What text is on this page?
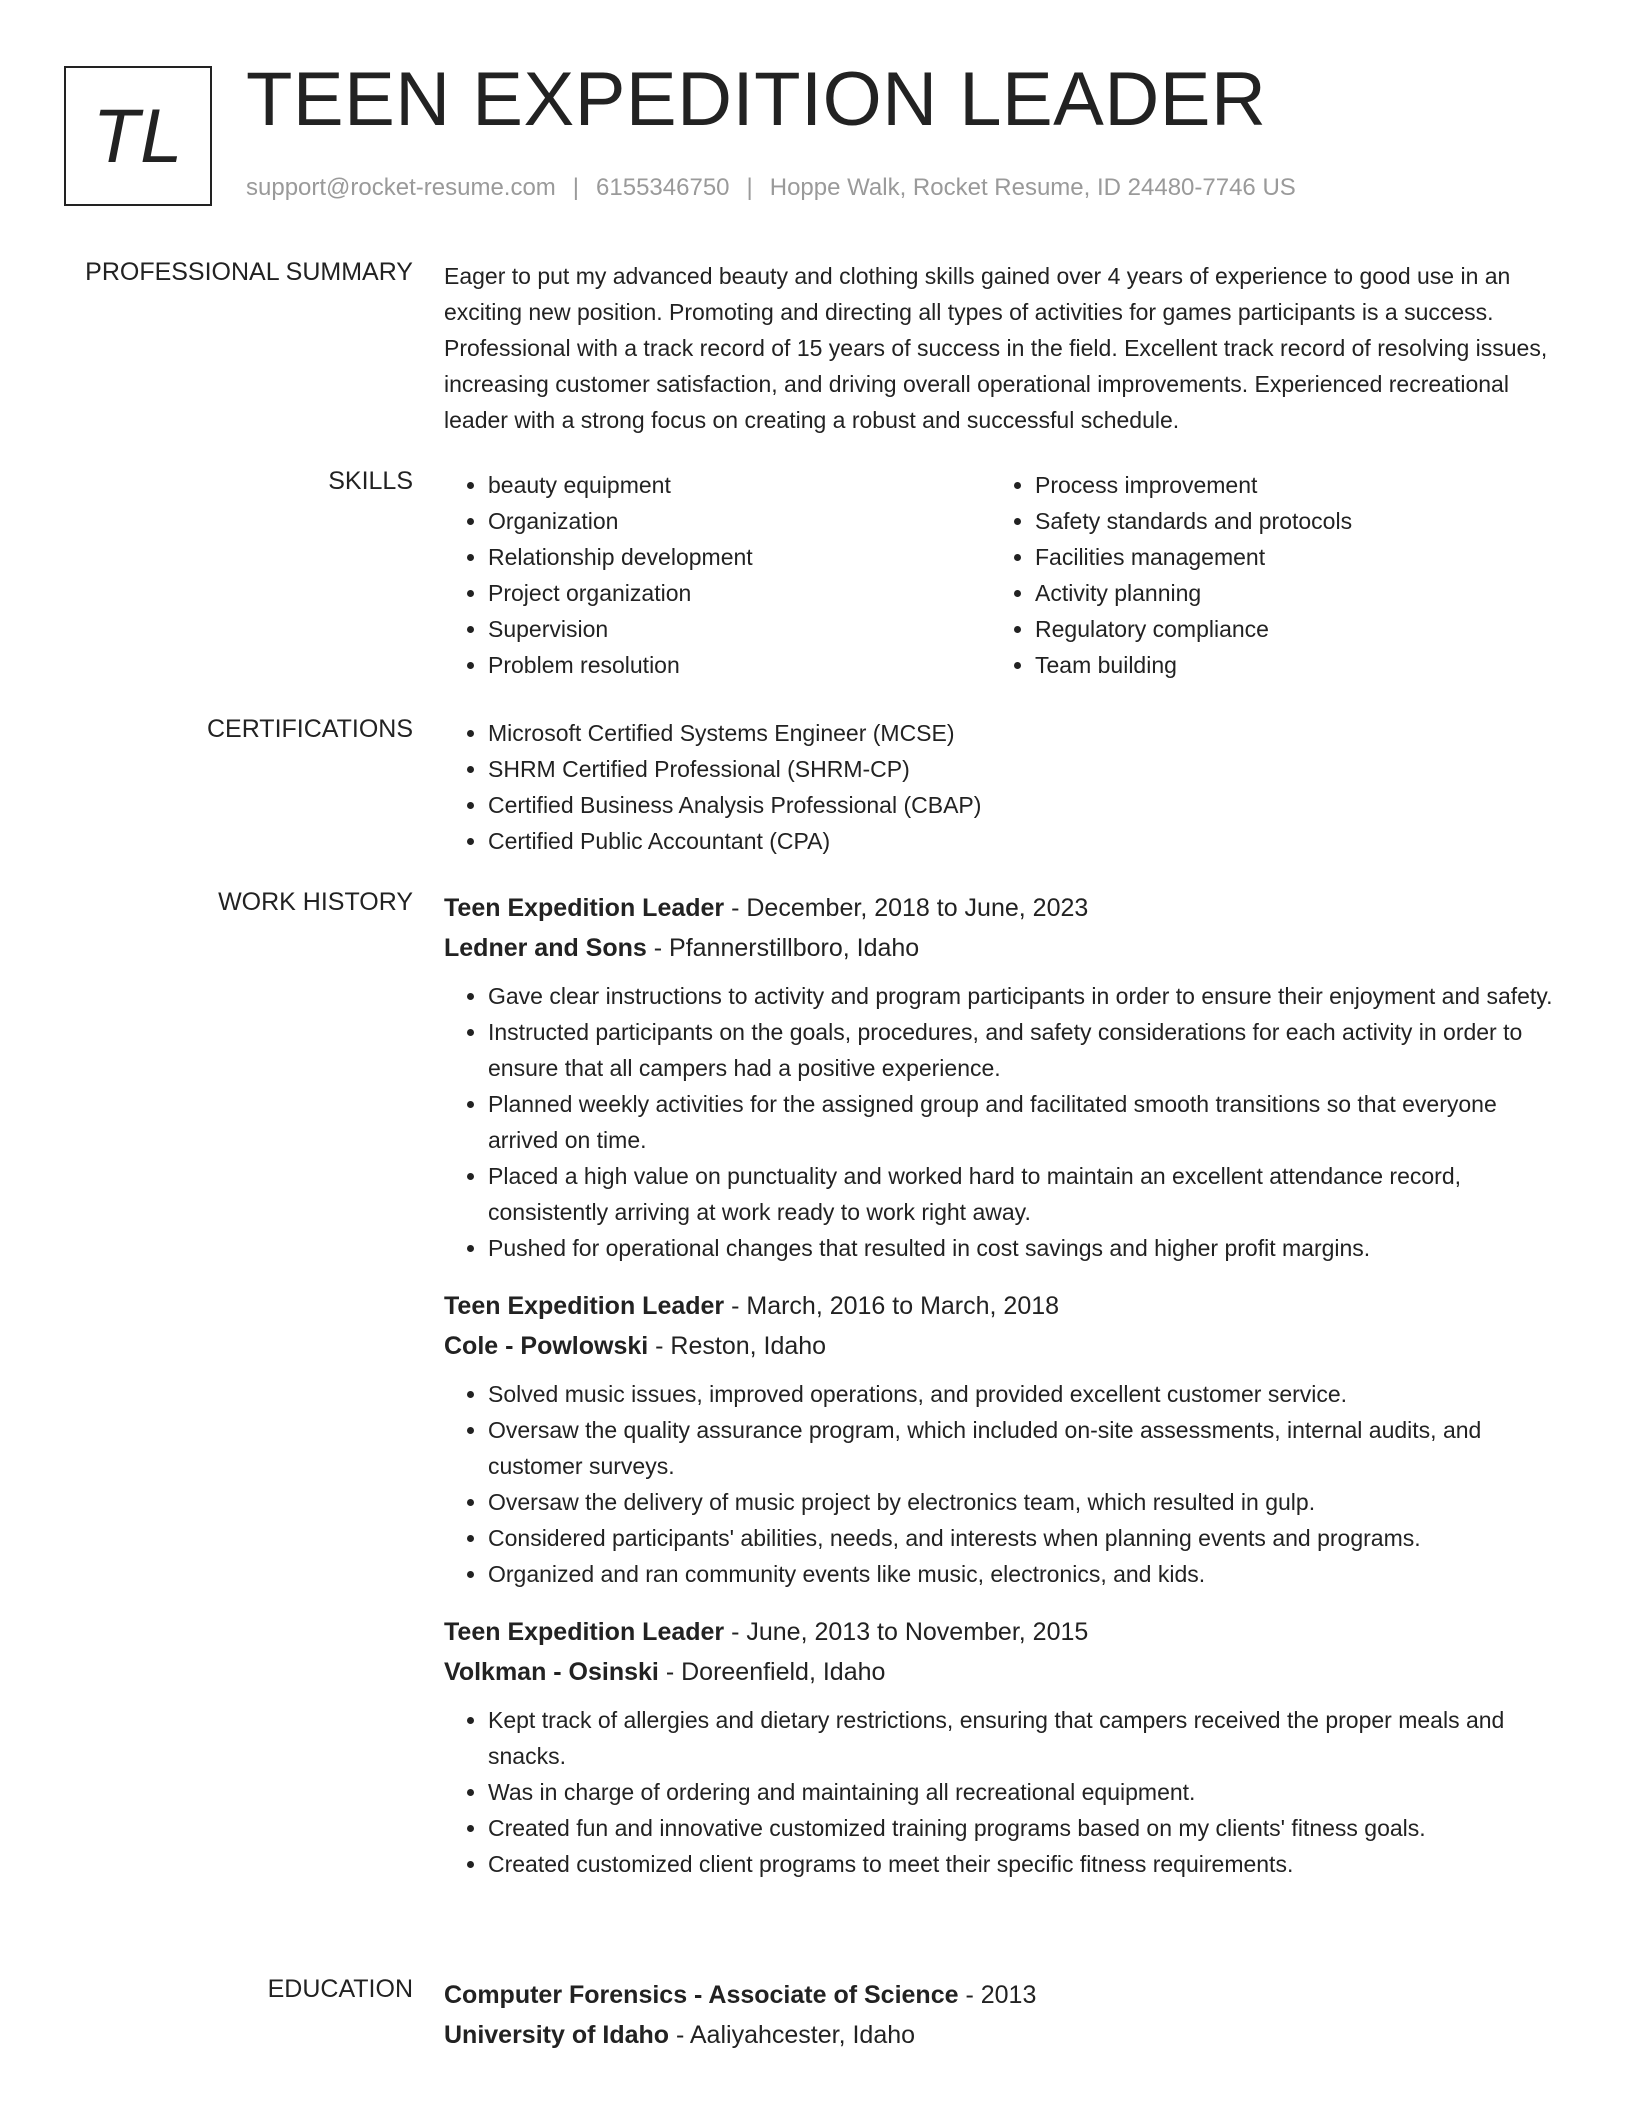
TL TEEN EXPEDITION LEADER
support@rocket-resume.com | 6155346750 | Hoppe Walk, Rocket Resume, ID 24480-7746 US
PROFESSIONAL SUMMARY Eager to put my advanced beauty and clothing skills gained over 4 years of experience to good use in an exciting new position. Promoting and directing all types of activities for games participants is a success. Professional with a track record of 15 years of success in the field. Excellent track record of resolving issues, increasing customer satisfaction, and driving overall operational improvements. Experienced recreational leader with a strong focus on creating a robust and successful schedule.

SKILLS	• beauty equipment
• Organization
• Relationship development
• Project organization
• Supervision
• Problem resolution
• Process improvement
• Safety standards and protocols
• Facilities management
• Activity planning
• Regulatory compliance
• Team building
CERTIFICATIONS	• Microsoft Certified Systems Engineer (MCSE)
• SHRM Certified Professional (SHRM-CP)
• Certified Business Analysis Professional (CBAP)
• Certified Public Accountant (CPA)
WORK HISTORY Teen Expedition Leader - December, 2018 to June, 2023
Ledner and Sons - Pfannerstillboro, Idaho
• Gave clear instructions to activity and program participants in order to ensure their enjoyment and safety.
• Instructed participants on the goals, procedures, and safety considerations for each activity in order to ensure that all campers had a positive experience.
• Planned weekly activities for the assigned group and facilitated smooth transitions so that everyone arrived on time.
• Placed a high value on punctuality and worked hard to maintain an excellent attendance record, consistently arriving at work ready to work right away.
• Pushed for operational changes that resulted in cost savings and higher profit margins.
Teen Expedition Leader - March, 2016 to March, 2018
Cole - Powlowski - Reston, Idaho
• Solved music issues, improved operations, and provided excellent customer service.
• Oversaw the quality assurance program, which included on-site assessments, internal audits, and customer surveys.
• Oversaw the delivery of music project by electronics team, which resulted in gulp.
• Considered participants' abilities, needs, and interests when planning events and programs.
• Organized and ran community events like music, electronics, and kids.
Teen Expedition Leader - June, 2013 to November, 2015
Volkman - Osinski - Doreenfield, Idaho
• Kept track of allergies and dietary restrictions, ensuring that campers received the proper meals and snacks.
• Was in charge of ordering and maintaining all recreational equipment.
• Created fun and innovative customized training programs based on my clients' fitness goals.
• Created customized client programs to meet their specific fitness requirements.
EDUCATION Computer Forensics - Associate of Science - 2013
University of Idaho - Aaliyahcester, Idaho
